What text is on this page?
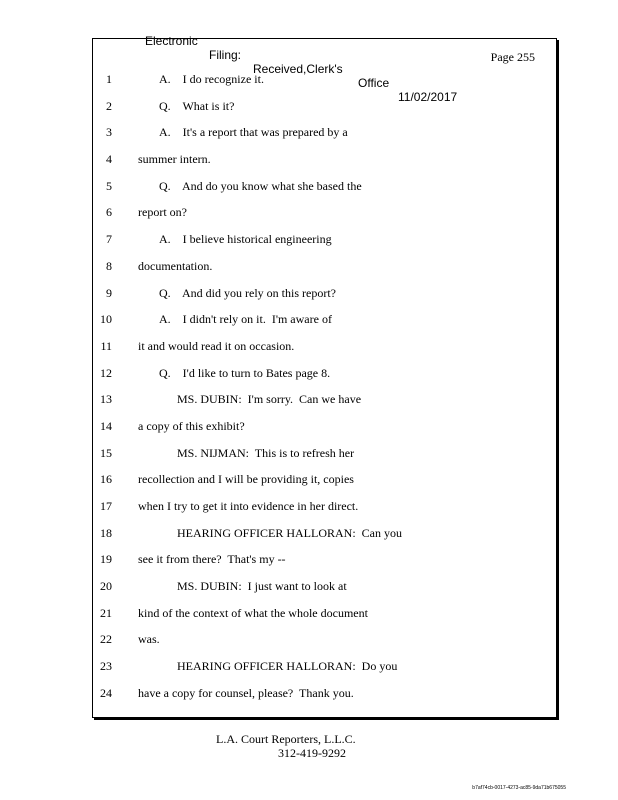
Electronic

Filing:

Received,Clerk's

Office

11/02/2017

Page 255
1	A.    I do recognize it.
2	Q.    What is it?
3	A.    It's a report that was prepared by a
4 summer intern.
5	Q.    And do you know what she based the
6 report on?
7	A.    I believe historical engineering
8 documentation.
9	Q.    And did you rely on this report?
10	A.    I didn't rely on it.  I'm aware of
11 it and would read it on occasion.
12	Q.    I'd like to turn to Bates page 8.
13	MS. DUBIN:  I'm sorry.  Can we have
14 a copy of this exhibit?
15	MS. NIJMAN:  This is to refresh her
16 recollection and I will be providing it, copies
17 when I try to get it into evidence in her direct.
18	HEARING OFFICER HALLORAN:  Can you
19 see it from there?  That's my --
20	MS. DUBIN:  I just want to look at
21 kind of the context of what the whole document
22 was.
23	HEARING OFFICER HALLORAN:  Do you
24 have a copy for counsel, please?  Thank you.
L.A. Court Reporters, L.L.C.
312-419-9292
b7af74cb-0017-4273-ac85-9da71b675055
